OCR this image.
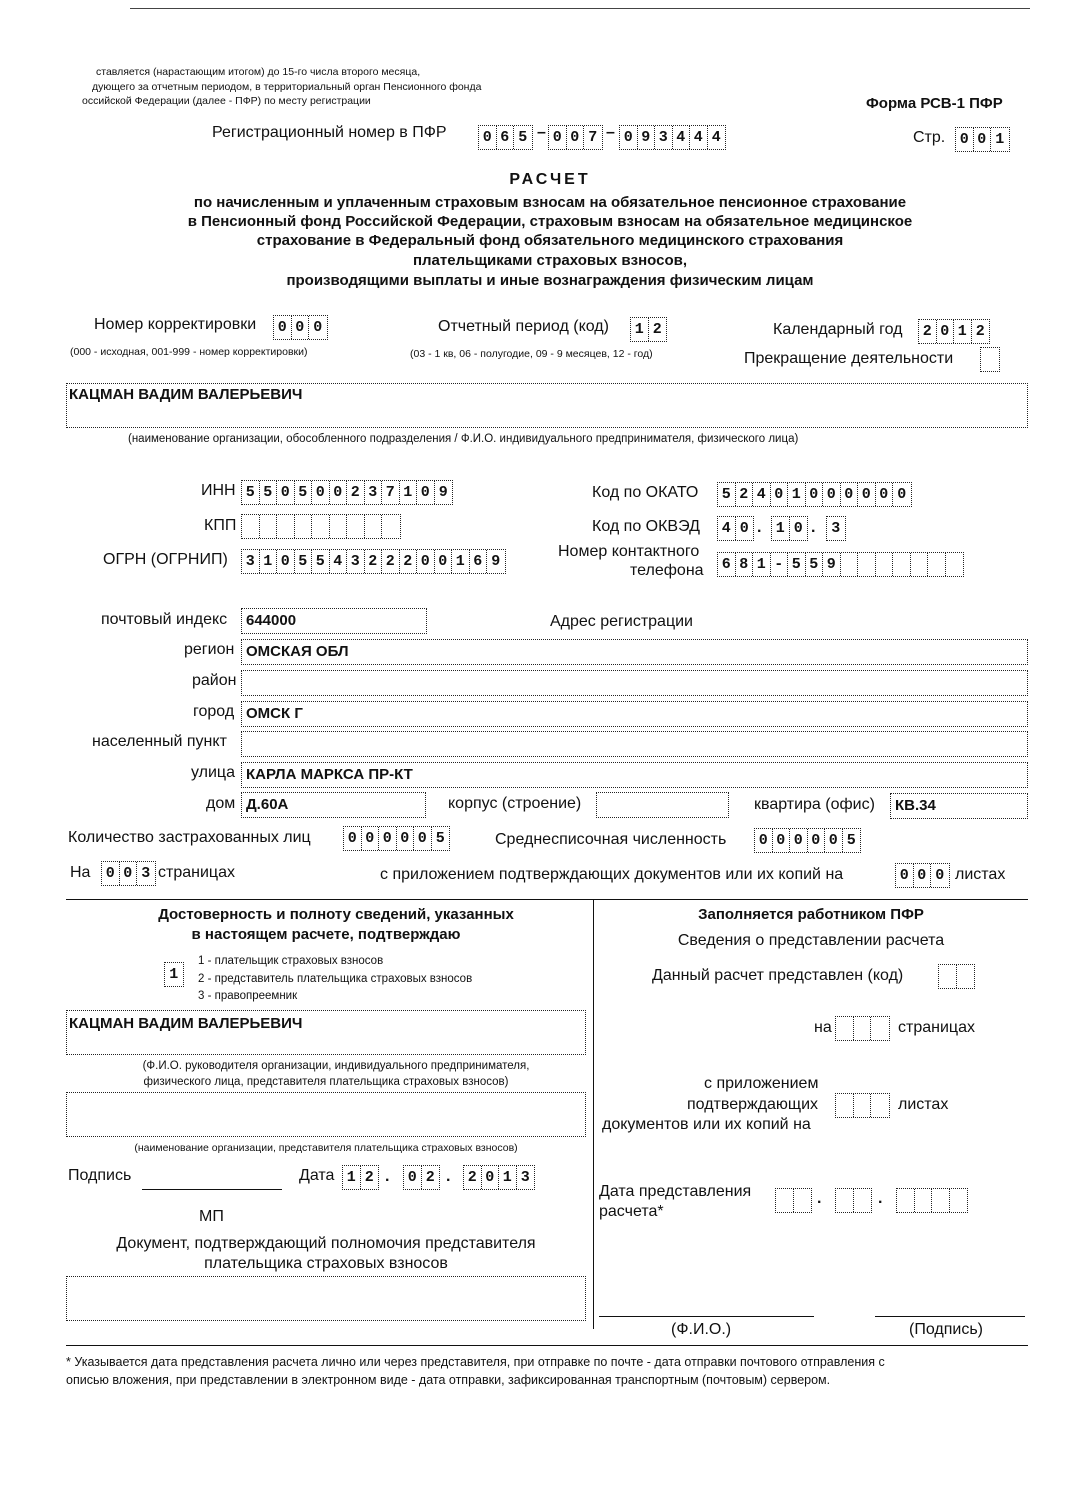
ставляется (нарастающим итогом) до 15-го числа второго месяца,
дующего за отчетным периодом, в территориальный орган Пенсионного фонда
оссийской Федерации (далее - ПФР) по месту регистрации	Форма РСВ-1 ПФР
Регистрационный номер в ПФР 0 6 5 – 0 0 7 – 0 9 3 4 4 4	Стр. 0 0 1
РАСЧЕТ
по начисленным и уплаченным страховым взносам на обязательное пенсионное страхование
в Пенсионный фонд Российской Федерации, страховым взносам на обязательное медицинское
страхование в Федеральный фонд обязательного медицинского страхования
плательщиками страховых взносов,
производящими выплаты и иные вознаграждения физическим лицам
Номер корректировки 0 0 0
(000 - исходная, 001-999 - номер корректировки)
Отчетный период (код) 1 2
(03 - 1 кв, 06 - полугодие, 09 - 9 месяцев, 12 - год)
Календарный год 2 0 1 2
Прекращение деятельности
КАЦМАН ВАДИМ ВАЛЕРЬЕВИЧ
(наименование организации, обособленного подразделения / Ф.И.О. индивидуального предпринимателя, физического лица)
ИНН 5 5 0 5 0 0 2 3 7 1 0 9
КПП
ОГРН (ОГРНИП) 3 1 0 5 5 4 3 2 2 2 0 0 1 6 9
Код по ОКАТО 5 2 4 0 1 0 0 0 0 0 0
Код по ОКВЭД 4 0 . 1 0 . 3
Номер контактного
телефона 6 8 1 - 5 5 9
почтовый индекс	644000	Адрес регистрации
регион ОМСКАЯ ОБЛ
район
город ОМСК Г
населенный пункт
улица КАРЛА МАРКСА ПР-КТ
дом Д.60А	корпус (строение)	квартира (офис)	КВ.34
Количество застрахованных лиц 0 0 0 0 0 5	Среднесписочная численность 0 0 0 0 0 5
На 0 0 3 страницах	с приложением подтверждающих документов или их копий на	0 0 0 листах
Достоверность и полноту сведений, указанных
в настоящем расчете, подтверждаю
1
1 - плательщик страховых взносов
2 - представитель плательщика страховых взносов
3 - правопреемник
КАЦМАН ВАДИМ ВАЛЕРЬЕВИЧ
(Ф.И.О. руководителя организации, индивидуального предпринимателя,
физического лица, представителя плательщика страховых взносов)
(наименование организации, представителя плательщика страховых взносов)
Подпись	Дата 1 2 . 0 2 . 2 0 1 3
МП
Документ, подтверждающий полномочия представителя
плательщика страховых взносов
Заполняется работником ПФР
Сведения о представлении расчета
Данный расчет представлен (код)
на	страницах
с приложением
подтверждающих
документов или их копий на
листах
Дата представления
расчета*
.	.
(Ф.И.О.)	(Подпись)
* Указывается дата представления расчета лично или через представителя, при отправке по почте - дата отправки почтового отправления с
описью вложения, при представлении в электронном виде - дата отправки, зафиксированная транспортным (почтовым) сервером.
